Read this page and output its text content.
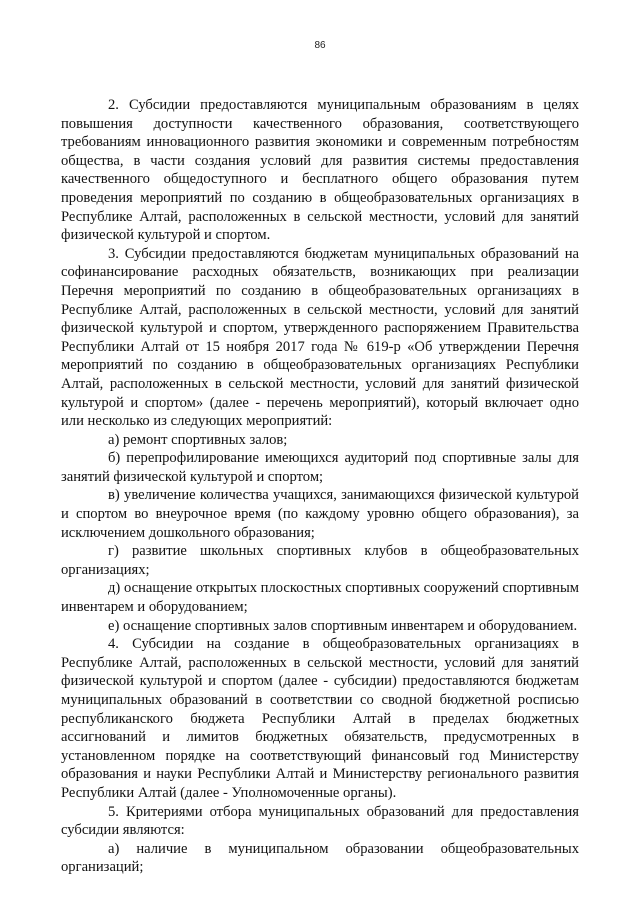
86

2. Субсидии предоставляются муниципальным образованиям в целях повышения доступности качественного образования, соответствующего требованиям инновационного развития экономики и современным потребностям общества, в части создания условий для развития системы предоставления качественного общедоступного и бесплатного общего образования путем проведения мероприятий по созданию в общеобразовательных организациях в Республике Алтай, расположенных в сельской местности, условий для занятий физической культурой и спортом.

3. Субсидии предоставляются бюджетам муниципальных образований на софинансирование расходных обязательств, возникающих при реализации Перечня мероприятий по созданию в общеобразовательных организациях в Республике Алтай, расположенных в сельской местности, условий для занятий физической культурой и спортом, утвержденного распоряжением Правительства Республики Алтай от 15 ноября 2017 года № 619-р «Об утверждении Перечня мероприятий по созданию в общеобразовательных организациях Республики Алтай, расположенных в сельской местности, условий для занятий физической культурой и спортом» (далее - перечень мероприятий), который включает одно или несколько из следующих мероприятий:

а) ремонт спортивных залов;

б) перепрофилирование имеющихся аудиторий под спортивные залы для занятий физической культурой и спортом;

в) увеличение количества учащихся, занимающихся физической культурой и спортом во внеурочное время (по каждому уровню общего образования), за исключением дошкольного образования;

г) развитие школьных спортивных клубов в общеобразовательных организациях;

д) оснащение открытых плоскостных спортивных сооружений спортивным инвентарем и оборудованием;

е) оснащение спортивных залов спортивным инвентарем и оборудованием.

4. Субсидии на создание в общеобразовательных организациях в Республике Алтай, расположенных в сельской местности, условий для занятий физической культурой и спортом (далее - субсидии) предоставляются бюджетам муниципальных образований в соответствии со сводной бюджетной росписью республиканского бюджета Республики Алтай в пределах бюджетных ассигнований и лимитов бюджетных обязательств, предусмотренных в установленном порядке на соответствующий финансовый год Министерству образования и науки Республики Алтай и Министерству регионального развития Республики Алтай (далее - Уполномоченные органы).

5. Критериями отбора муниципальных образований для предоставления субсидии являются:

а) наличие в муниципальном образовании общеобразовательных организаций;
